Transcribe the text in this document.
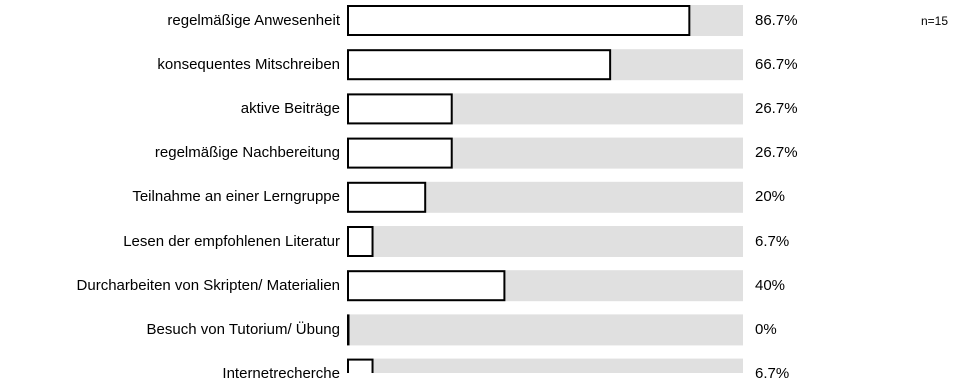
regelmäßige Anwesenheit	86.7%
konsequentes Mitschreiben	66.7%
aktive Beiträge	26.7%
regelmäßige Nachbereitung	26.7%
Teilnahme an einer Lerngruppe	20%
Lesen der empfohlenen Literatur	6.7%
Durcharbeiten von Skripten/ Materialien	40%
Besuch von Tutorium/ Übung	0%
Internetrecherche	6.7%
n=15
